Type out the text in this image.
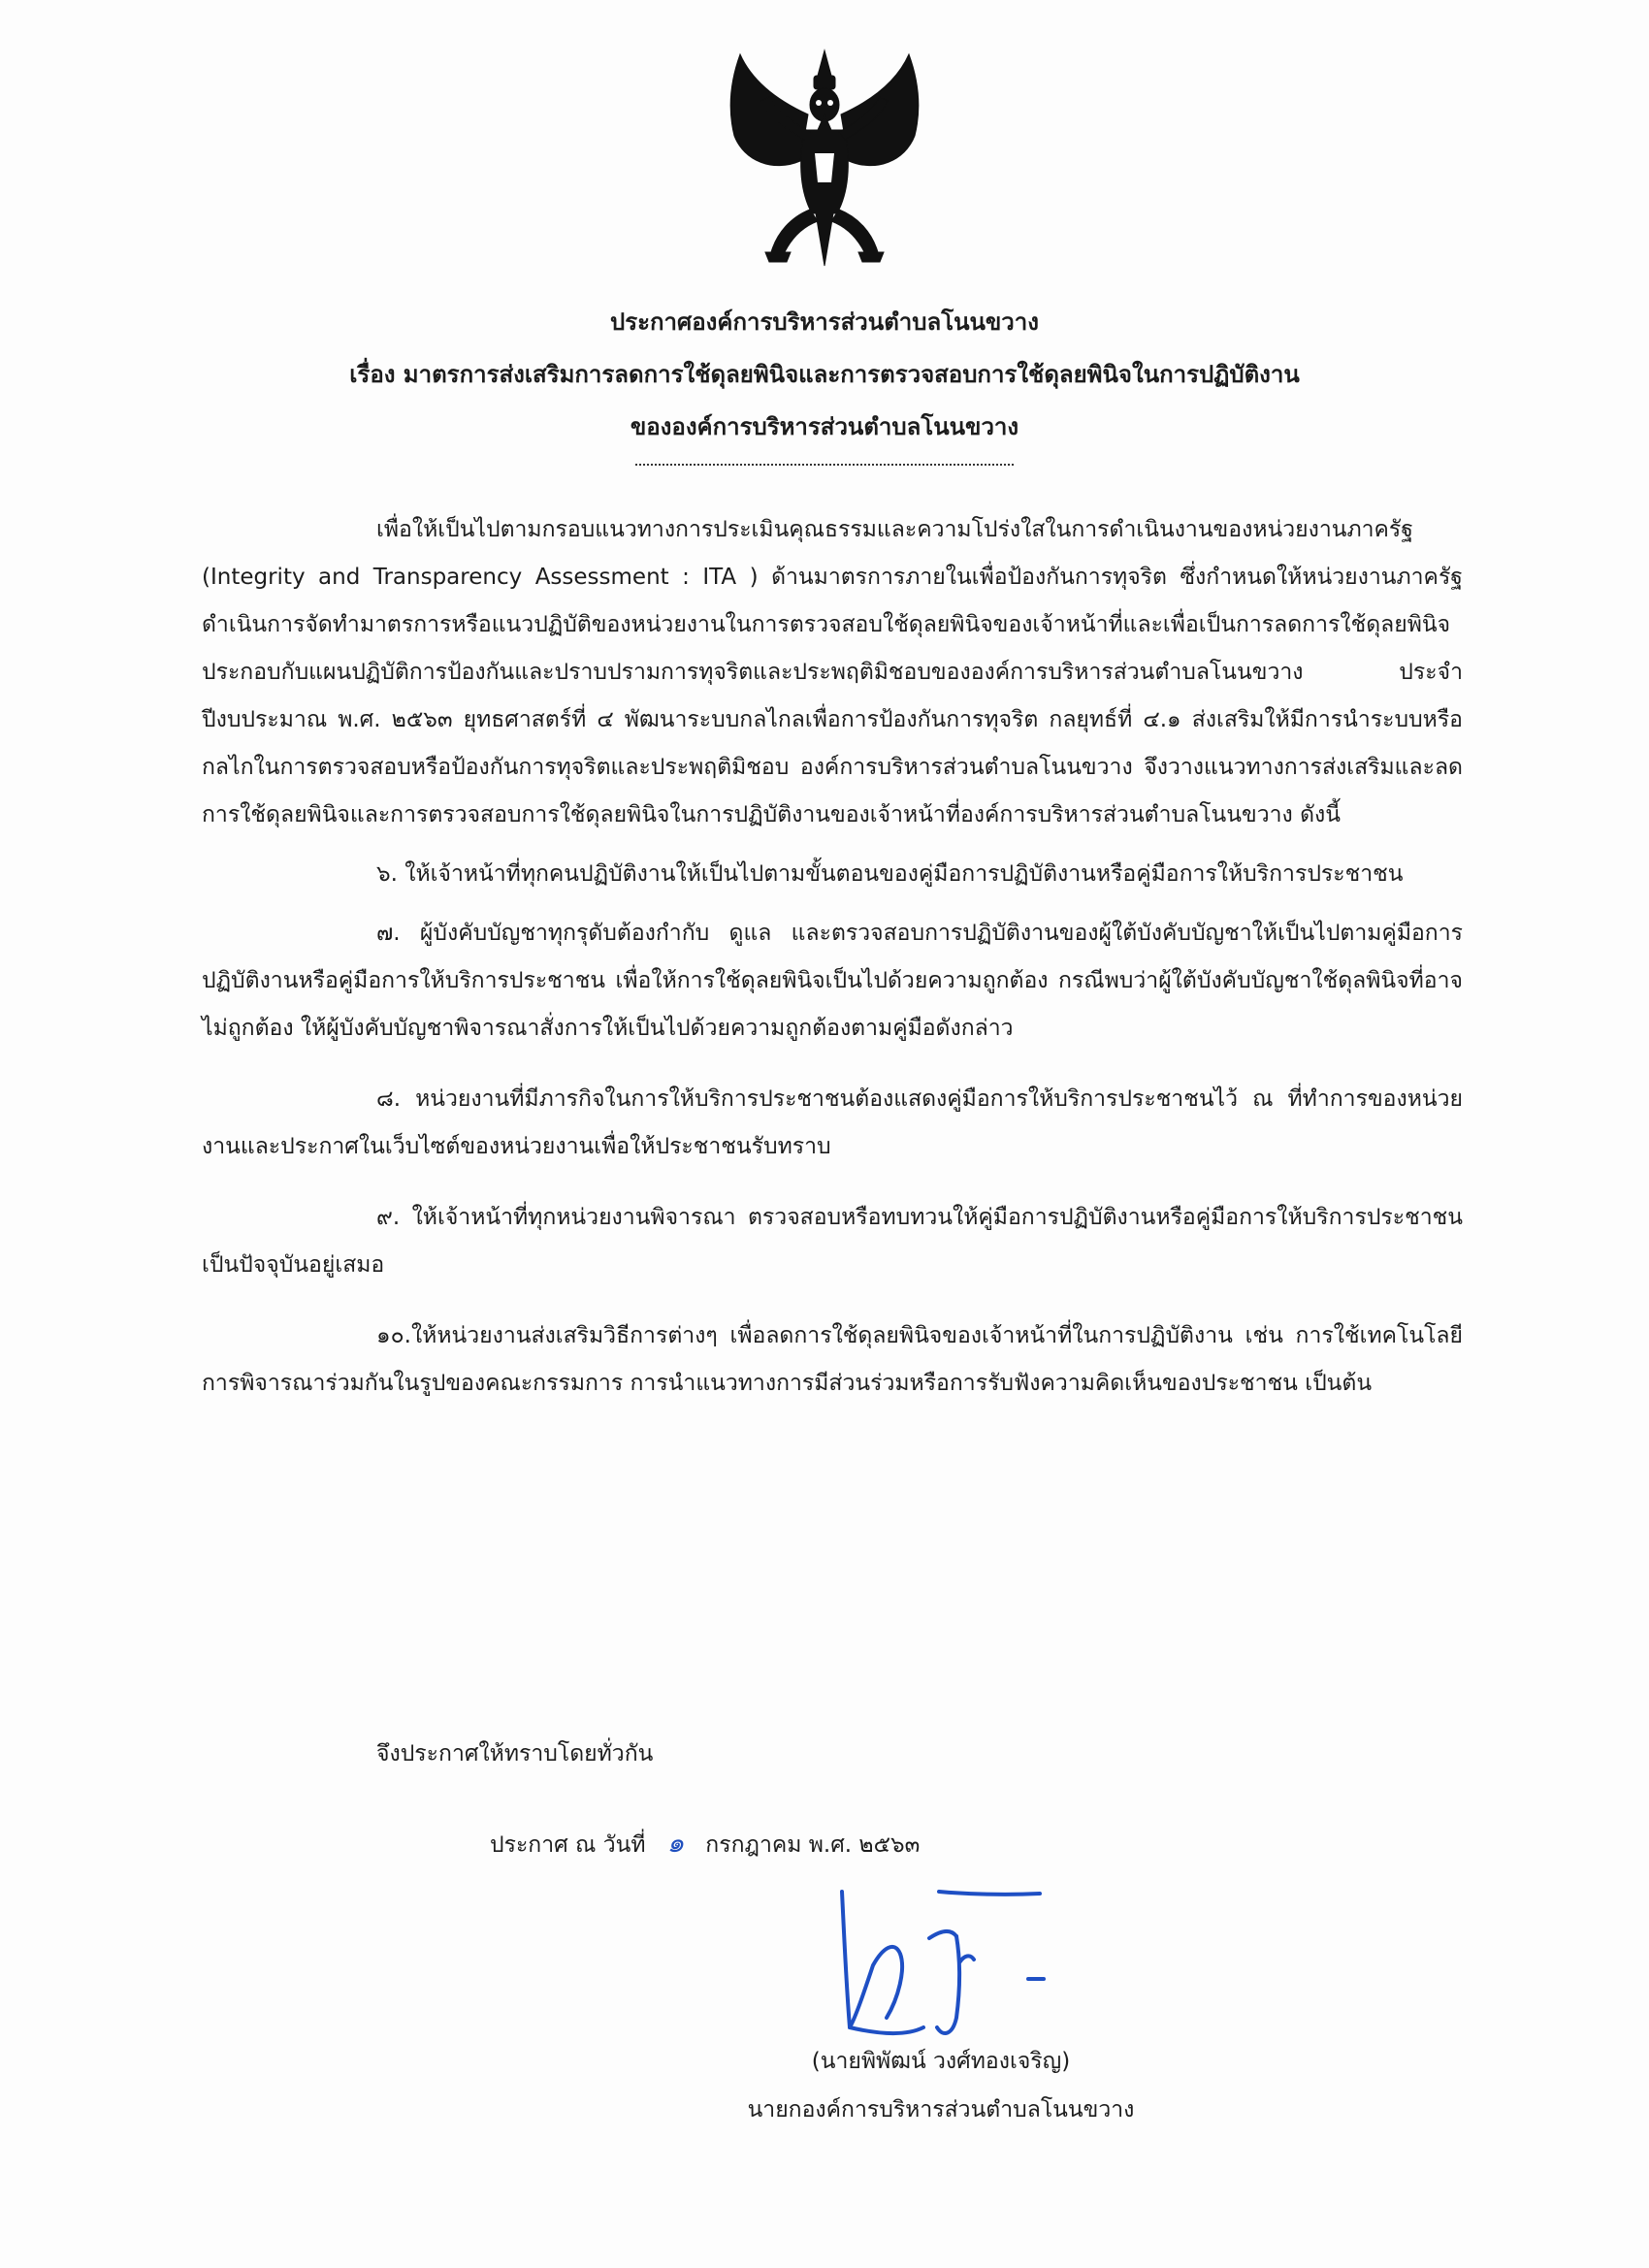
ประกาศองค์การบริหารส่วนตำบลโนนขวาง
เรื่อง มาตรการส่งเสริมการลดการใช้ดุลยพินิจและการตรวจสอบการใช้ดุลยพินิจในการปฏิบัติงาน
ขององค์การบริหารส่วนตำบลโนนขวาง

เพื่อให้เป็นไปตามกรอบแนวทางการประเมินคุณธรรมและความโปร่งใสในการดำเนินงานของหน่วยงานภาครัฐ (Integrity and Transparency Assessment : ITA ) ด้านมาตรการภายในเพื่อป้องกันการทุจริต ซึ่งกำหนดให้หน่วยงานภาครัฐดำเนินการจัดทำมาตรการหรือแนวปฏิบัติของหน่วยงานในการตรวจสอบใช้ดุลยพินิจของเจ้าหน้าที่และเพื่อเป็นการลดการใช้ดุลยพินิจ ประกอบกับแผนปฏิบัติการป้องกันและปราบปรามการทุจริตและประพฤติมิชอบขององค์การบริหารส่วนตำบลโนนขวาง ประจำปีงบประมาณ พ.ศ. ๒๕๖๓ ยุทธศาสตร์ที่ ๔ พัฒนาระบบกลไกลเพื่อการป้องกันการทุจริต กลยุทธ์ที่ ๔.๑ ส่งเสริมให้มีการนำระบบหรือกลไกในการตรวจสอบหรือป้องกันการทุจริตและประพฤติมิชอบ องค์การบริหารส่วนตำบลโนนขวาง จึงวางแนวทางการส่งเสริมและลดการใช้ดุลยพินิจและการตรวจสอบการใช้ดุลยพินิจในการปฏิบัติงานของเจ้าหน้าที่องค์การบริหารส่วนตำบลโนนขวาง ดังนี้

๖. ให้เจ้าหน้าที่ทุกคนปฏิบัติงานให้เป็นไปตามขั้นตอนของคู่มือการปฏิบัติงานหรือคู่มือการให้บริการประชาชน

๗. ผู้บังคับบัญชาทุกรุดับต้องกำกับ ดูแล และตรวจสอบการปฏิบัติงานของผู้ใต้บังคับบัญชาให้เป็นไปตามคู่มือการปฏิบัติงานหรือคู่มือการให้บริการประชาชน เพื่อให้การใช้ดุลยพินิจเป็นไปด้วยความถูกต้อง กรณีพบว่าผู้ใต้บังคับบัญชาใช้ดุลพินิจที่อาจไม่ถูกต้อง ให้ผู้บังคับบัญชาพิจารณาสั่งการให้เป็นไปด้วยความถูกต้องตามคู่มือดังกล่าว

๘. หน่วยงานที่มีภารกิจในการให้บริการประชาชนต้องแสดงคู่มือการให้บริการประชาชนไว้ ณ ที่ทำการของหน่วยงานและประกาศในเว็บไซต์ของหน่วยงานเพื่อให้ประชาชนรับทราบ

๙. ให้เจ้าหน้าที่ทุกหน่วยงานพิจารณา ตรวจสอบหรือทบทวนให้คู่มือการปฏิบัติงานหรือคู่มือการให้บริการประชาชนเป็นปัจจุบันอยู่เสมอ

๑๐.ให้หน่วยงานส่งเสริมวิธีการต่างๆ เพื่อลดการใช้ดุลยพินิจของเจ้าหน้าที่ในการปฏิบัติงาน เช่น การใช้เทคโนโลยี การพิจารณาร่วมกันในรูปของคณะกรรมการ การนำแนวทางการมีส่วนร่วมหรือการรับฟังความคิดเห็นของประชาชน เป็นต้น

จึงประกาศให้ทราบโดยทั่วกัน
ประกาศ ณ วันที่ ๑ กรกฎาคม พ.ศ. ๒๕๖๓
(นายพิพัฒน์ วงศ์ทองเจริญ)
นายกองค์การบริหารส่วนตำบลโนนขวาง
